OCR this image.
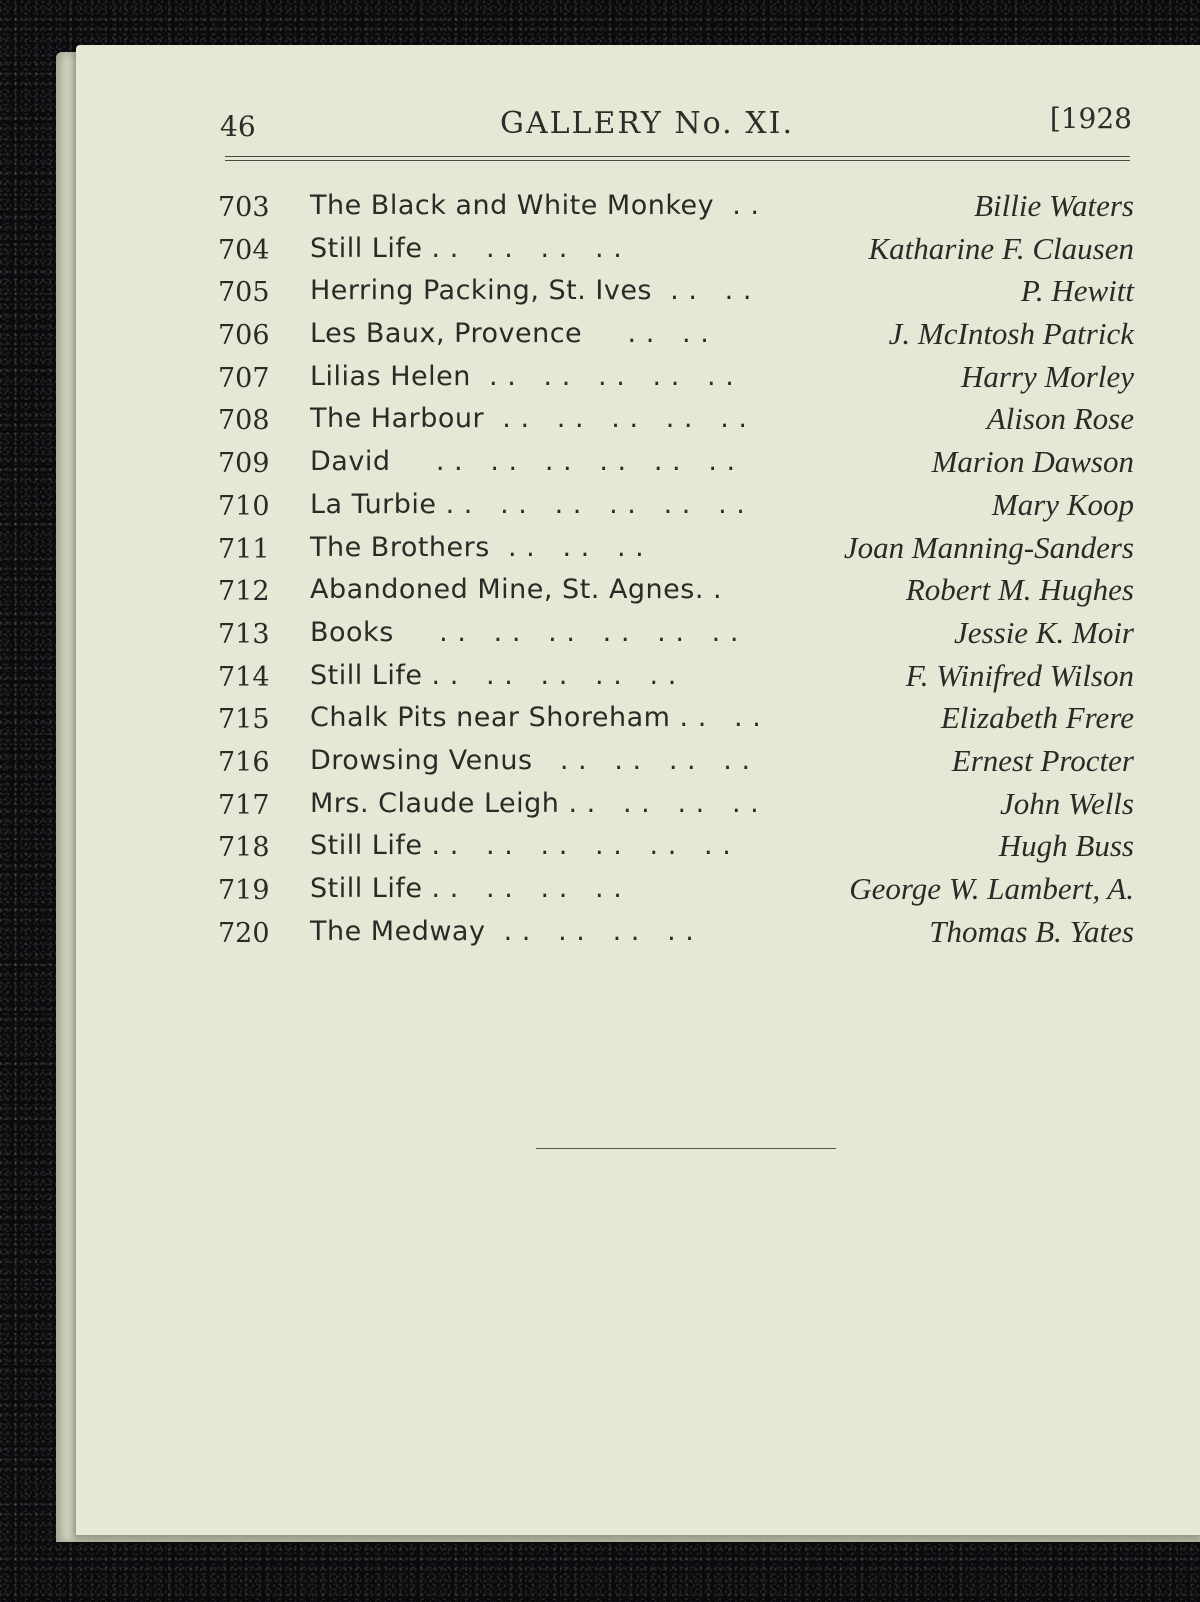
46	GALLERY No. XI.	[1928
703 The Black and White Monkey  . .	Billie Waters
704 Still Life . .   . .   . .   . .	Katharine F. Clausen
705 Herring Packing, St. Ives  . .   . .	P. Hewitt
706 Les Baux, Provence     . .   . .	J. McIntosh Patrick
707 Lilias Helen  . .   . .   . .   . .   . .	Harry Morley
708 The Harbour  . .   . .   . .   . .   . .	Alison Rose
709 David     . .   . .   . .   . .   . .   . .	Marion Dawson
710 La Turbie . .   . .   . .   . .   . .   . .	Mary Koop
711 The Brothers  . .   . .   . .	Joan Manning-Sanders
712 Abandoned Mine, St. Agnes. .	Robert M. Hughes
713 Books     . .   . .   . .   . .   . .   . .	Jessie K. Moir
714 Still Life . .   . .   . .   . .   . .	F. Winifred Wilson
715 Chalk Pits near Shoreham . .   . .	Elizabeth Frere
716 Drowsing Venus   . .   . .   . .   . .	Ernest Procter
717 Mrs. Claude Leigh . .   . .   . .   . .	John Wells
718 Still Life . .   . .   . .   . .   . .   . .	Hugh Buss
719 Still Life . .   . .   . .   . .	George W. Lambert, A.
720 The Medway  . .   . .   . .   . .	Thomas B. Yates
